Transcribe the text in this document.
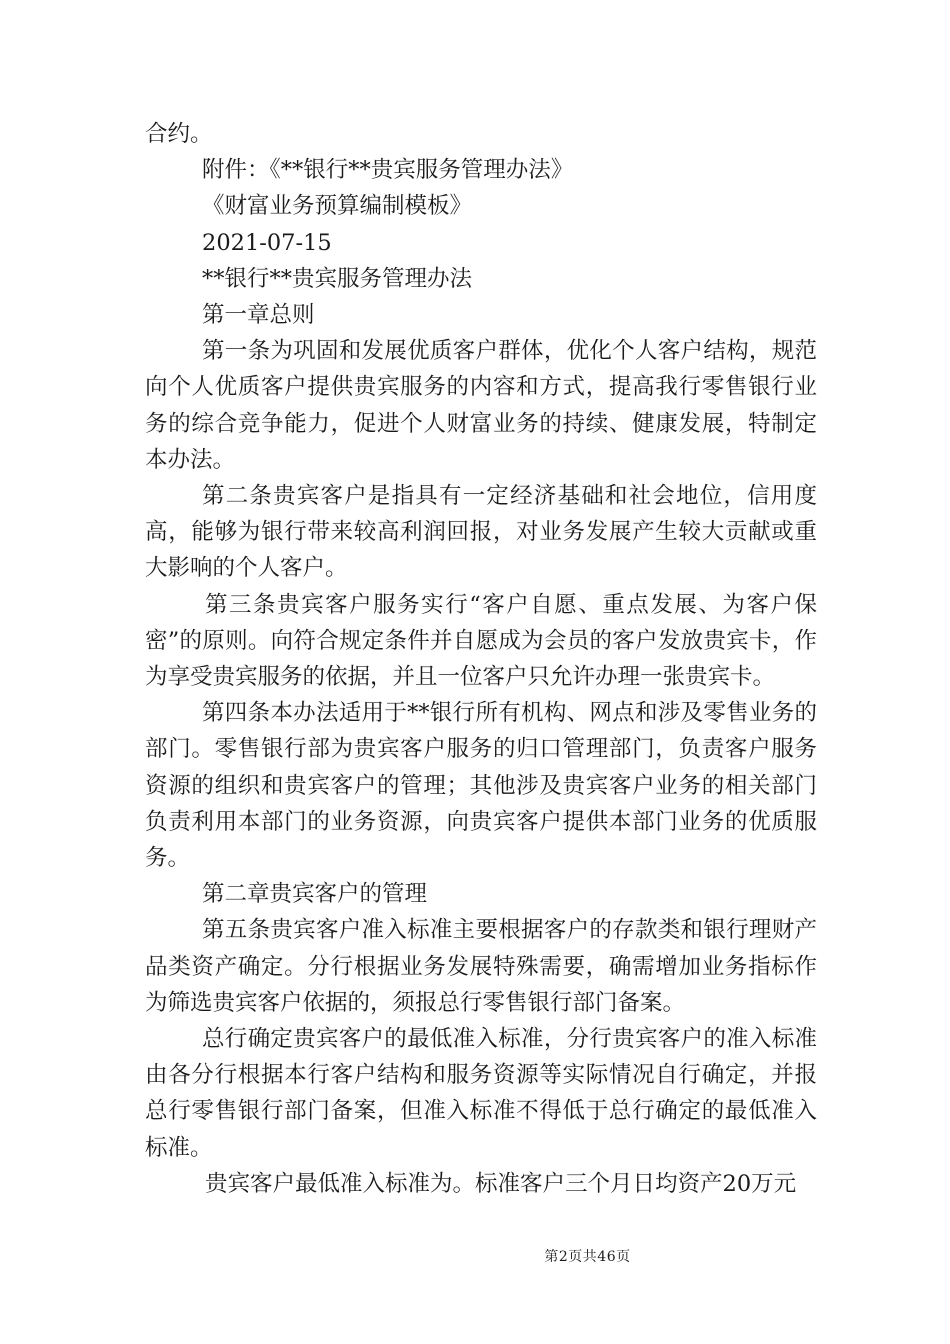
合约。

附件：《**银行**贵宾服务管理办法》

《财富业务预算编制模板》

2021-07-15

**银行**贵宾服务管理办法

第一章总则

第一条为巩固和发展优质客户群体，优化个人客户结构，规范向个人优质客户提供贵宾服务的内容和方式，提高我行零售银行业务的综合竞争能力，促进个人财富业务的持续、健康发展，特制定本办法。

第二条贵宾客户是指具有一定经济基础和社会地位，信用度高，能够为银行带来较高利润回报，对业务发展产生较大贡献或重大影响的个人客户。

第三条贵宾客户服务实行“客户自愿、重点发展、为客户保密”的原则。向符合规定条件并自愿成为会员的客户发放贵宾卡，作为享受贵宾服务的依据，并且一位客户只允许办理一张贵宾卡。

第四条本办法适用于**银行所有机构、网点和涉及零售业务的部门。零售银行部为贵宾客户服务的归口管理部门，负责客户服务资源的组织和贵宾客户的管理；其他涉及贵宾客户业务的相关部门负责利用本部门的业务资源，向贵宾客户提供本部门业务的优质服务。

第二章贵宾客户的管理

第五条贵宾客户准入标准主要根据客户的存款类和银行理财产品类资产确定。分行根据业务发展特殊需要，确需增加业务指标作为筛选贵宾客户依据的，须报总行零售银行部门备案。

总行确定贵宾客户的最低准入标准，分行贵宾客户的准入标准由各分行根据本行客户结构和服务资源等实际情况自行确定，并报总行零售银行部门备案，但准入标准不得低于总行确定的最低准入标准。

贵宾客户最低准入标准为。标准客户三个月日均资产20万元

第2页共46页
